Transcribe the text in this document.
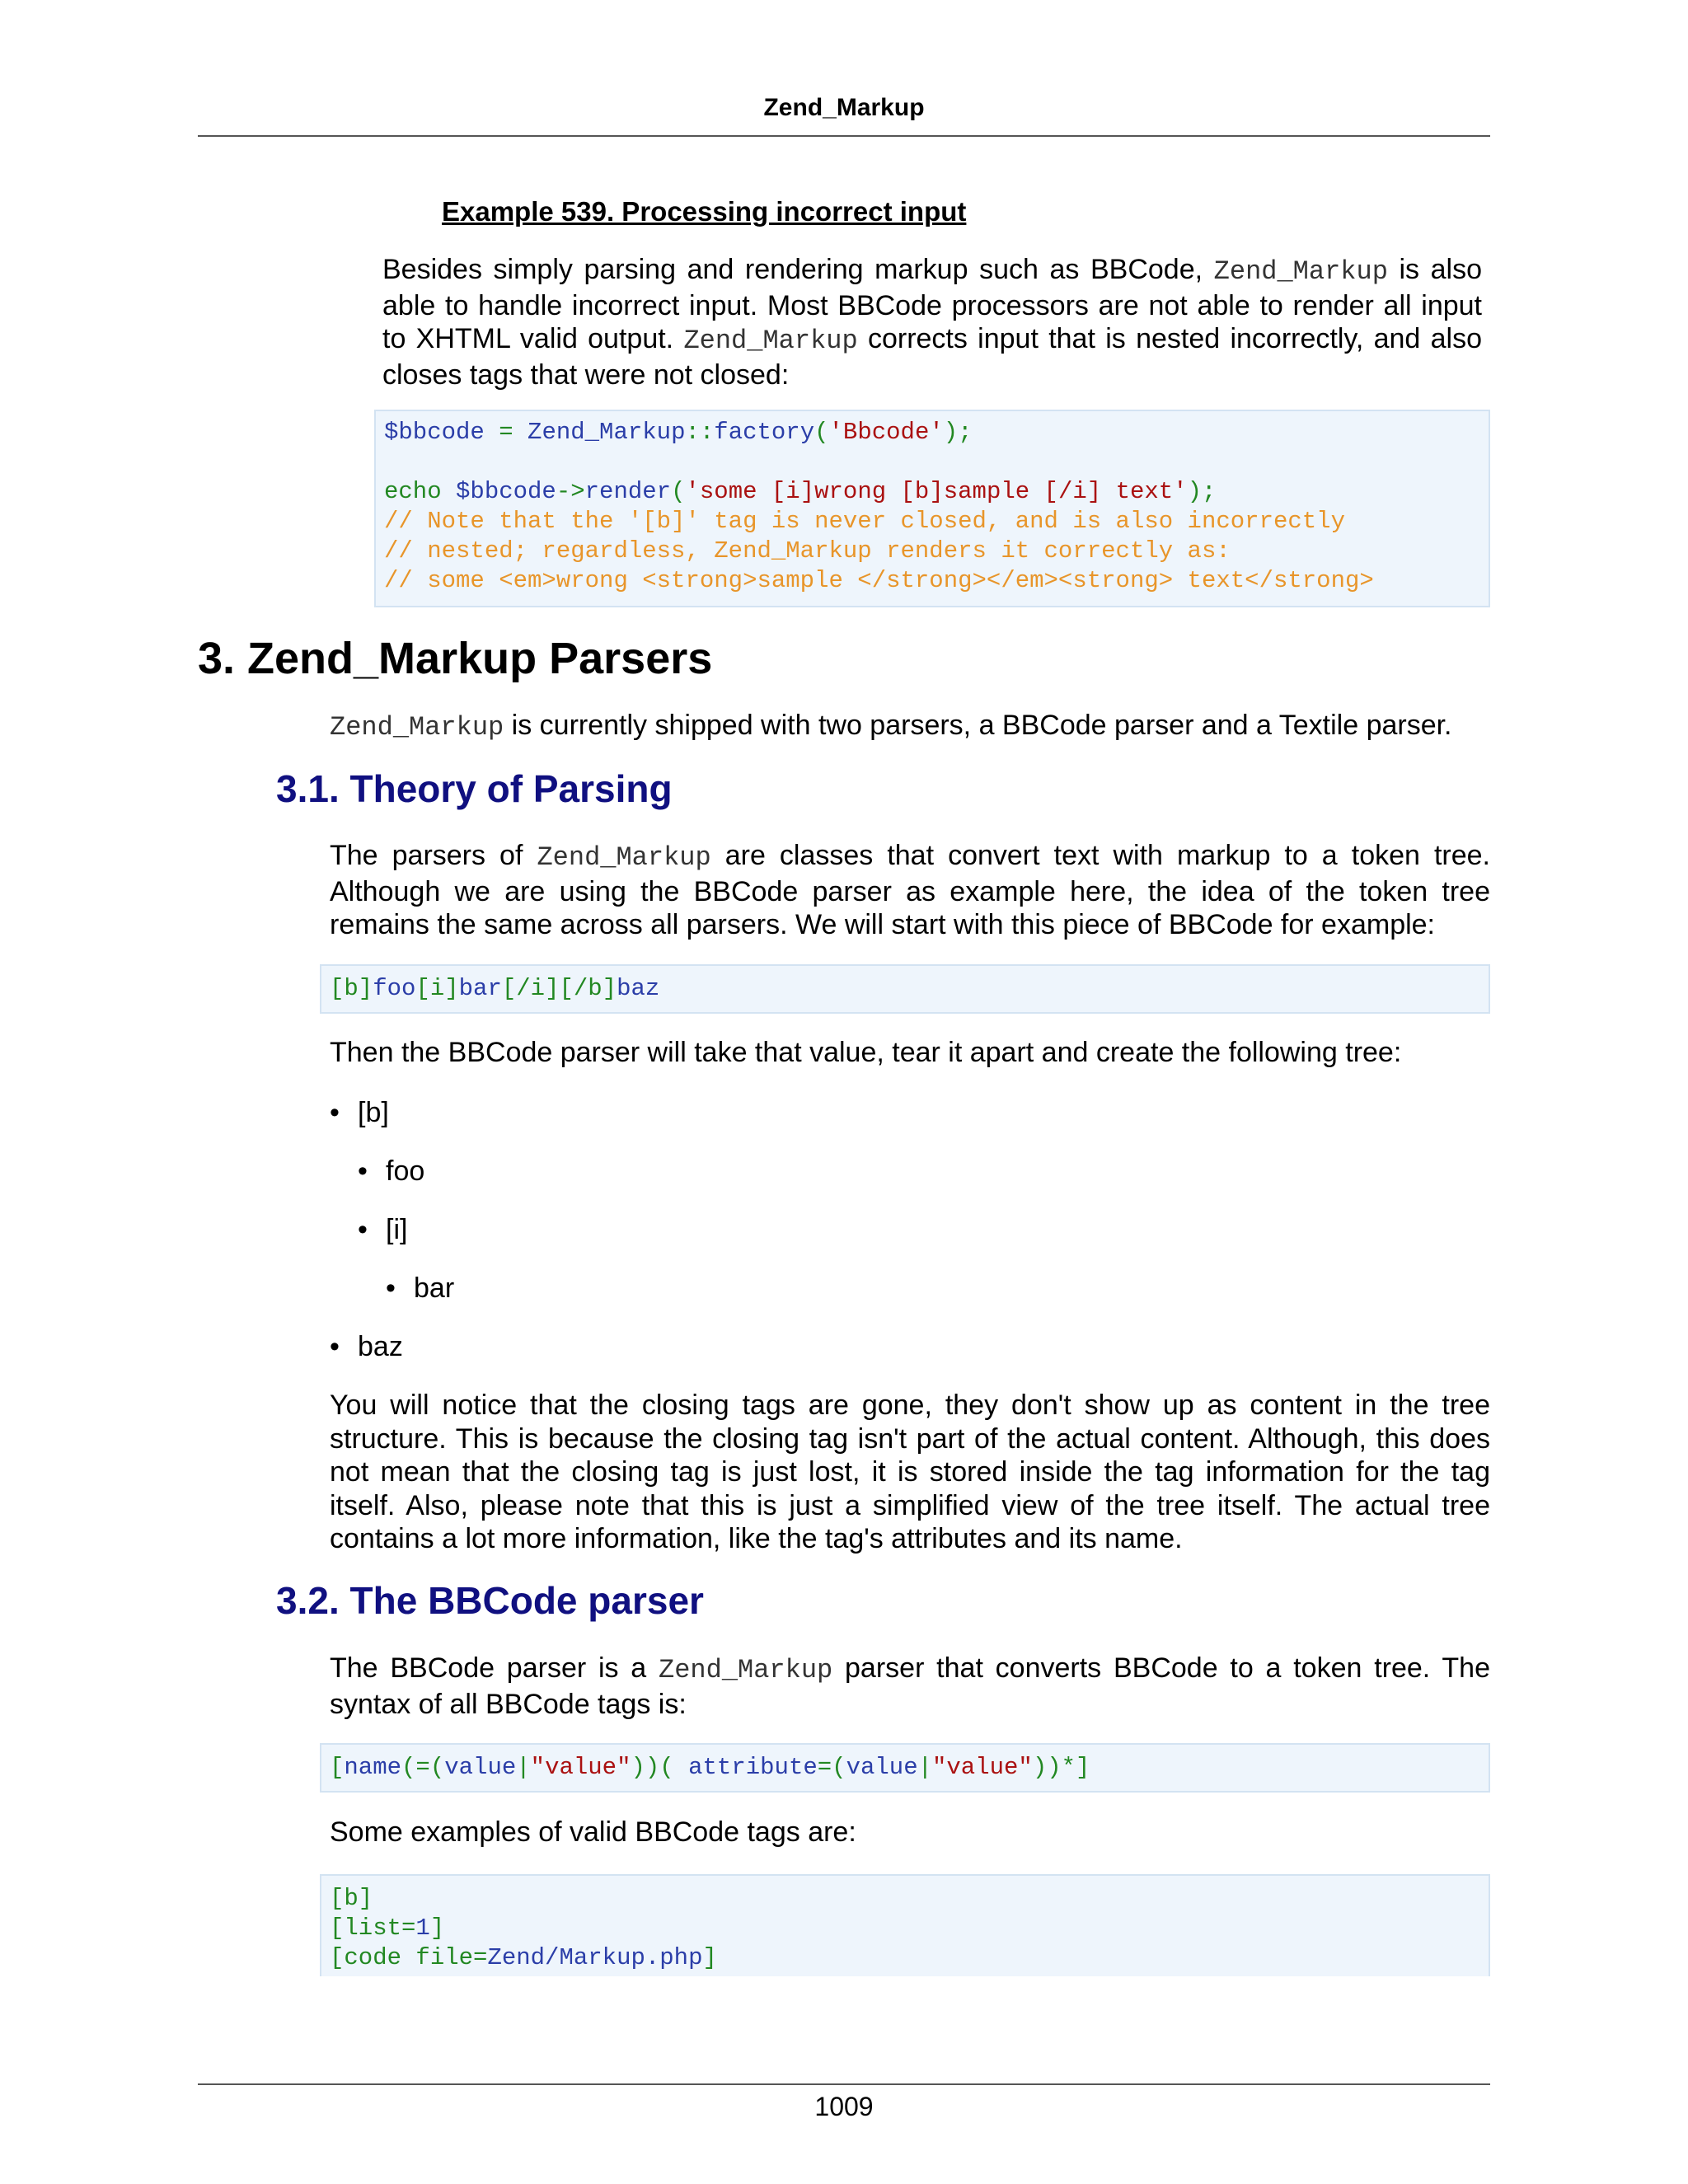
Zend_Markup
Example 539. Processing incorrect input
Besides simply parsing and rendering markup such as BBCode, Zend_Markup is also able to handle incorrect input. Most BBCode processors are not able to render all input to XHTML valid output. Zend_Markup corrects input that is nested incorrectly, and also closes tags that were not closed:
$bbcode = Zend_Markup::factory('Bbcode');
echo $bbcode->render('some [i]wrong [b]sample [/i] text');
// Note that the '[b]' tag is never closed, and is also incorrectly
// nested; regardless, Zend_Markup renders it correctly as:
// some <em>wrong <strong>sample </strong></em><strong> text</strong>
3. Zend_Markup Parsers
Zend_Markup is currently shipped with two parsers, a BBCode parser and a Textile parser.
3.1. Theory of Parsing
The parsers of Zend_Markup are classes that convert text with markup to a token tree. Although we are using the BBCode parser as example here, the idea of the token tree remains the same across all parsers. We will start with this piece of BBCode for example:
[b]foo[i]bar[/i][/b]baz
Then the BBCode parser will take that value, tear it apart and create the following tree:
• [b]
• foo
• [i]
• bar
• baz
You will notice that the closing tags are gone, they don't show up as content in the tree structure. This is because the closing tag isn't part of the actual content. Although, this does not mean that the closing tag is just lost, it is stored inside the tag information for the tag itself. Also, please note that this is just a simplified view of the tree itself. The actual tree contains a lot more information, like the tag's attributes and its name.
3.2. The BBCode parser
The BBCode parser is a Zend_Markup parser that converts BBCode to a token tree. The syntax of all BBCode tags is:
[name(=(value|"value"))( attribute=(value|"value"))*]
Some examples of valid BBCode tags are:
[b]
[list=1]
[code file=Zend/Markup.php]
1009
